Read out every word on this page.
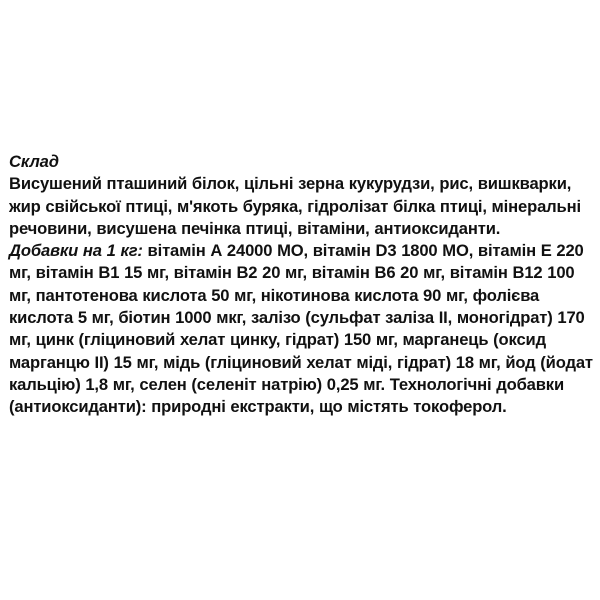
Склад
Висушений пташиний білок, цільні зерна кукурудзи, рис, вишкварки, жир свійської птиці, м'якоть буряка, гідролізат білка птиці, мінеральні речовини, висушена печінка птиці, вітаміни, антиоксиданти.
Добавки на 1 кг: вітамін А 24000 МО, вітамін D3 1800 МО, вітамін Е 220 мг, вітамін B1 15 мг, вітамін B2 20 мг, вітамін B6 20 мг, вітамін B12 100 мг, пантотенова кислота 50 мг, нікотинова кислота 90 мг, фолієва кислота 5 мг, біотин 1000 мкг, залізо (сульфат заліза ІІ, моногідрат) 170 мг, цинк (гліциновий хелат цинку, гідрат) 150 мг, марганець (оксид марганцю II) 15 мг, мідь (гліциновий хелат міді, гідрат) 18 мг, йод (йодат кальцію) 1,8 мг, селен (селеніт натрію) 0,25 мг. Технологічні добавки (антиоксиданти): природні екстракти, що містять токоферол.
